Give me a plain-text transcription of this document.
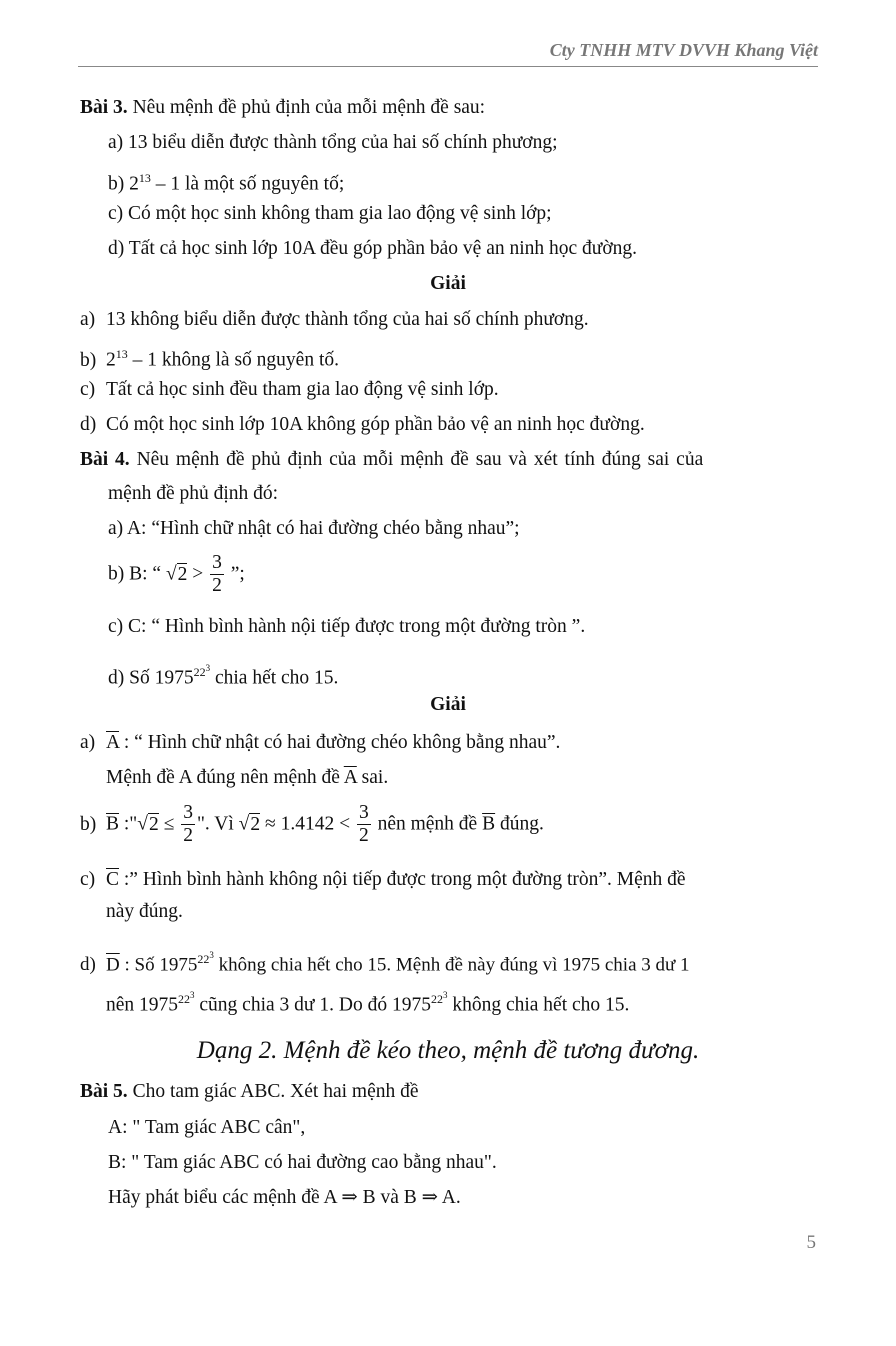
Cty TNHH MTV DVVH Khang Việt
Bài 3. Nêu mệnh đề phủ định của mỗi mệnh đề sau:
a) 13 biểu diễn được thành tổng của hai số chính phương;
b) $2^{13} - 1$ là một số nguyên tố;
c) Có một học sinh không tham gia lao động vệ sinh lớp;
d) Tất cả học sinh lớp 10A đều góp phần bảo vệ an ninh học đường.
Giải
a) 13 không biểu diễn được thành tổng của hai số chính phương.
b) $2^{13} - 1$ không là số nguyên tố.
c) Tất cả học sinh đều tham gia lao động vệ sinh lớp.
d) Có một học sinh lớp 10A không góp phần bảo vệ an ninh học đường.
Bài 4. Nêu mệnh đề phủ định của mỗi mệnh đề sau và xét tính đúng sai của
mệnh đề phủ định đó:
a) A: “Hình chữ nhật có hai đường chéo bằng nhau”;
b) B: “ $√2 > \frac{3}{2}$ ”;
c) C: “ Hình bình hành nội tiếp được trong một đường tròn ”.
d) Số 1975$^{22^3}$ chia hết cho 15.
Giải
a) $\overline{A}$ : “ Hình chữ nhật có hai đường chéo không bằng nhau”.
Mệnh đề A đúng nên mệnh đề $\overline{A}$ sai.
b) $\overline{B}$ :"√2 ≤ $\frac{3}{2}$ ". Vì $√2 \approx 1.4142 < \frac{3}{2}$ nên mệnh đề $\overline{B}$ đúng.
c) $\overline{C}$ :” Hình bình hành không nội tiếp được trong một đường tròn”. Mệnh đề
này đúng.
d) $\overline{D}$ : Số 1975$^{22^3}$ không chia hết cho 15. Mệnh đề này đúng vì 1975 chia 3 dư 1
nên 1975$^{22^3}$ cũng chia 3 dư 1. Do đó 1975$^{22^3}$ không chia hết cho 15.
Dạng 2. Mệnh đề kéo theo, mệnh đề tương đương.
Bài 5. Cho tam giác ABC. Xét hai mệnh đề
A: " Tam giác ABC cân",
B: " Tam giác ABC có hai đường cao bằng nhau".
Hãy phát biểu các mệnh đề A ⇒ B và B ⇒ A.
5
